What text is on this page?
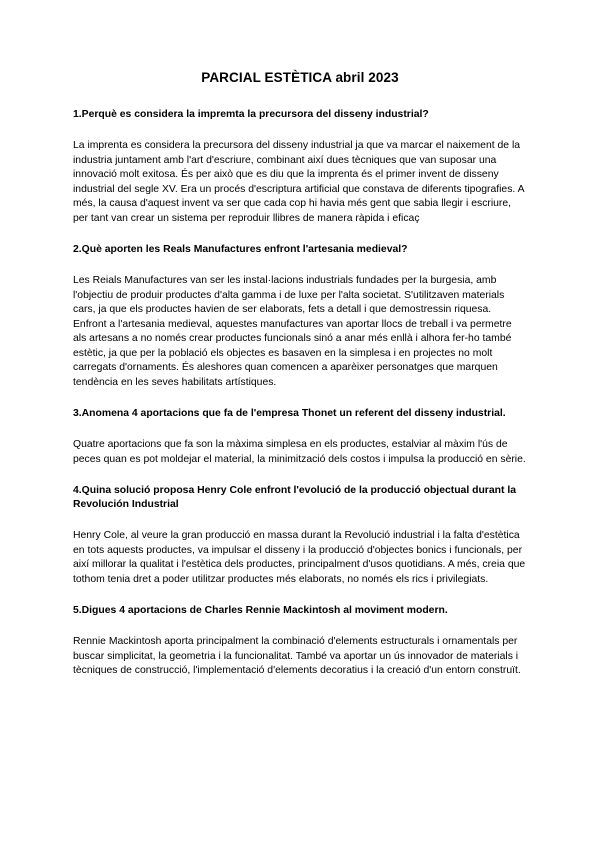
PARCIAL ESTÈTICA abril 2023

1.Perquè es considera la impremta la precursora del disseny industrial?

La imprenta es considera la precursora del disseny industrial ja que va marcar el naixement de la industria juntament amb l'art d'escriure, combinant així dues tècniques que van suposar una innovació molt exitosa. És per això que es diu que la imprenta és el primer invent de disseny industrial del segle XV. Era un procés d'escriptura artificial que constava de diferents tipografies. A més, la causa d'aquest invent va ser que cada cop hi havia més gent que sabia llegir i escriure, per tant van crear un sistema per reproduir llibres de manera ràpida i eficaç

2.Què aporten les Reals Manufactures enfront l'artesania medieval?

Les Reials Manufactures van ser les instal·lacions industrials fundades per la burgesia, amb l'objectiu de produir productes d'alta gamma i de luxe per l'alta societat. S'utilitzaven materials cars, ja que els productes havien de ser elaborats, fets a detall i que demostressin riquesa. Enfront a l'artesania medieval, aquestes manufactures van aportar llocs de treball i va permetre als artesans a no només crear productes funcionals sinó a anar més enllà i alhora fer-ho també estètic, ja que per la població els objectes es basaven en la simplesa i en projectes no molt carregats d'ornaments. És aleshores quan comencen a aparèixer personatges que marquen tendència en les seves habilitats artístiques.

3.Anomena 4 aportacions que fa de l'empresa Thonet un referent del disseny industrial.

Quatre aportacions que fa son la màxima simplesa en els productes, estalviar al màxim l'ús de peces quan es pot moldejar el material, la minimització dels costos i impulsa la producció en sèrie.

4.Quina solució proposa Henry Cole enfront l'evolució de la producció objectual durant la Revolución Industrial

Henry Cole, al veure la gran producció en massa durant la Revolució industrial i la falta d'estètica en tots aquests productes, va impulsar el disseny i la producció d'objectes bonics i funcionals, per així millorar la qualitat i l'estètica dels productes, principalment d'usos quotidians. A més, creia que tothom tenia dret a poder utilitzar productes més elaborats, no només els rics i privilegiats.

5.Digues 4 aportacions de Charles Rennie Mackintosh al moviment modern.

Rennie Mackintosh aporta principalment la combinació d'elements estructurals i ornamentals per buscar simplicitat, la geometria i la funcionalitat. També va aportar un ús innovador de materials i tècniques de construcció, l'implementació d'elements decoratius i la creació d'un entorn construït.
